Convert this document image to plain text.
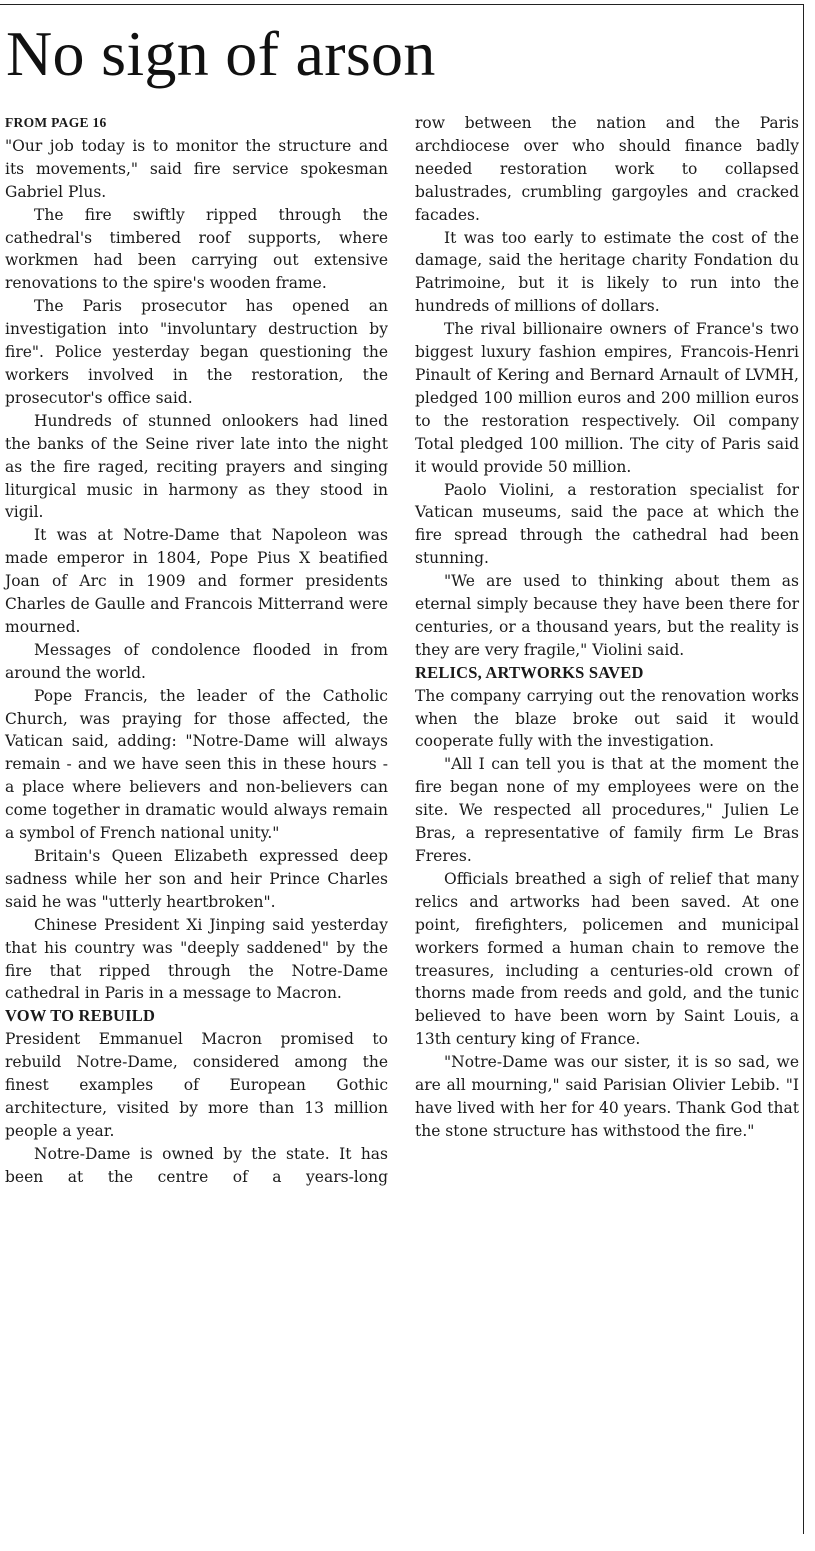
No sign of arson
FROM PAGE 16

"Our job today is to monitor the structure and its movements," said fire service spokesman Gabriel Plus.

The fire swiftly ripped through the cathedral's timbered roof supports, where workmen had been carrying out extensive renovations to the spire's wooden frame.

The Paris prosecutor has opened an investigation into "involuntary destruction by fire". Police yesterday began questioning the workers involved in the restoration, the prosecutor's office said.

Hundreds of stunned onlookers had lined the banks of the Seine river late into the night as the fire raged, reciting prayers and singing liturgical music in harmony as they stood in vigil.

It was at Notre-Dame that Napoleon was made emperor in 1804, Pope Pius X beatified Joan of Arc in 1909 and former presidents Charles de Gaulle and Francois Mitterrand were mourned.

Messages of condolence flooded in from around the world.

Pope Francis, the leader of the Catholic Church, was praying for those affected, the Vatican said, adding: "Notre-Dame will always remain - and we have seen this in these hours - a place where believers and non-believers can come together in dramatic would always remain a symbol of French national unity."

Britain's Queen Elizabeth expressed deep sadness while her son and heir Prince Charles said he was "utterly heartbroken".

Chinese President Xi Jinping said yesterday that his country was "deeply saddened" by the fire that ripped through the Notre-Dame cathedral in Paris in a message to Macron.

VOW TO REBUILD

President Emmanuel Macron promised to rebuild Notre-Dame, considered among the finest examples of European Gothic architecture, visited by more than 13 million people a year.

Notre-Dame is owned by the state. It has been at the centre of a years-long

row between the nation and the Paris archdiocese over who should finance badly needed restoration work to collapsed balustrades, crumbling gargoyles and cracked facades.

It was too early to estimate the cost of the damage, said the heritage charity Fondation du Patrimoine, but it is likely to run into the hundreds of millions of dollars.

The rival billionaire owners of France's two biggest luxury fashion empires, Francois-Henri Pinault of Kering and Bernard Arnault of LVMH, pledged 100 million euros and 200 million euros to the restoration respectively. Oil company Total pledged 100 million. The city of Paris said it would provide 50 million.

Paolo Violini, a restoration specialist for Vatican museums, said the pace at which the fire spread through the cathedral had been stunning.

"We are used to thinking about them as eternal simply because they have been there for centuries, or a thousand years, but the reality is they are very fragile," Violini said.

RELICS, ARTWORKS SAVED

The company carrying out the renovation works when the blaze broke out said it would cooperate fully with the investigation.

"All I can tell you is that at the moment the fire began none of my employees were on the site. We respected all procedures," Julien Le Bras, a representative of family firm Le Bras Freres.

Officials breathed a sigh of relief that many relics and artworks had been saved. At one point, firefighters, policemen and municipal workers formed a human chain to remove the treasures, including a centuries-old crown of thorns made from reeds and gold, and the tunic believed to have been worn by Saint Louis, a 13th century king of France.

"Notre-Dame was our sister, it is so sad, we are all mourning," said Parisian Olivier Lebib. "I have lived with her for 40 years. Thank God that the stone structure has withstood the fire."
